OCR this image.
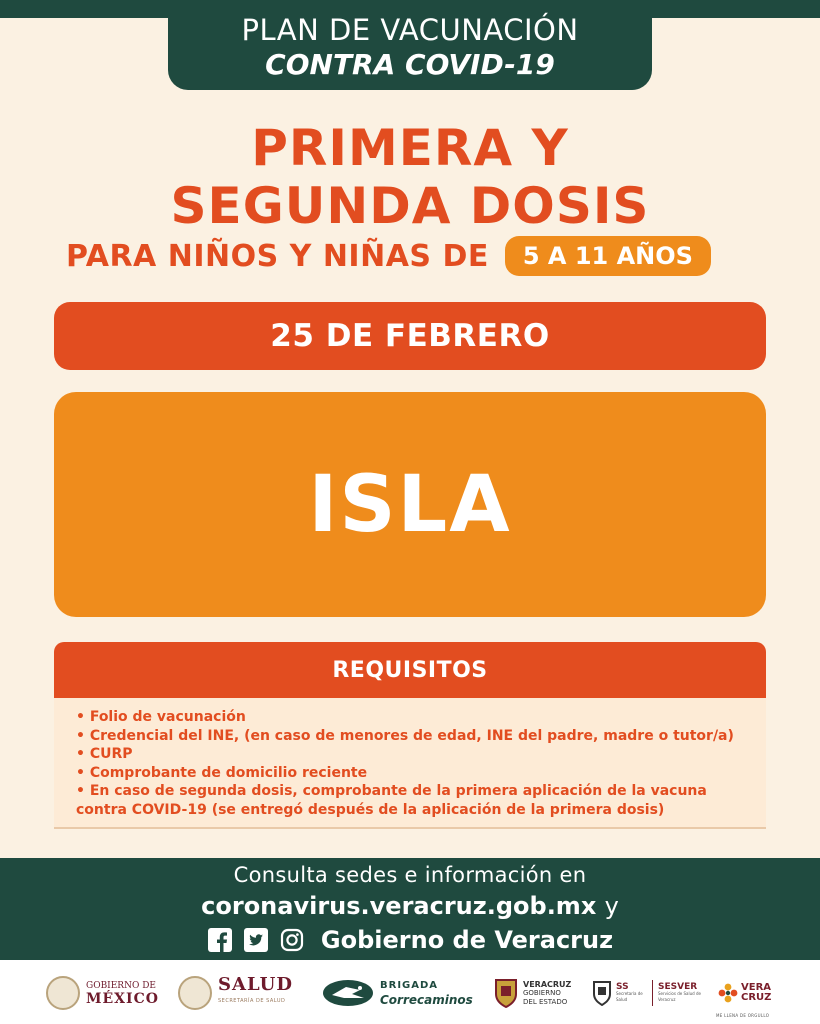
PLAN DE VACUNACIÓN
CONTRA COVID-19
PRIMERA Y
SEGUNDA DOSIS
PARA NIÑOS Y NIÑAS DE	5 A 11 AÑOS
25 DE FEBRERO
ISLA
REQUISITOS
• Folio de vacunación
• Credencial del INE, (en caso de menores de edad, INE del padre, madre o tutor/a)
• CURP
• Comprobante de domicilio reciente
• En caso de segunda dosis, comprobante de la primera aplicación de la vacuna
contra COVID-19 (se entregó después de la aplicación de la primera dosis)
Consulta sedes e información en
coronavirus.veracruz.gob.mx y
Gobierno de Veracruz
GOBIERNO DE
MÉXICO
SALUD
SECRETARÍA DE SALUD
BRIGADA
Correcaminos
VERACRUZ
GOBIERNO
DEL ESTADO
SS
Secretaría de Salud
SESVER
Servicios de Salud de Veracruz
VERA
CRUZ
ME LLENA DE ORGULLO
